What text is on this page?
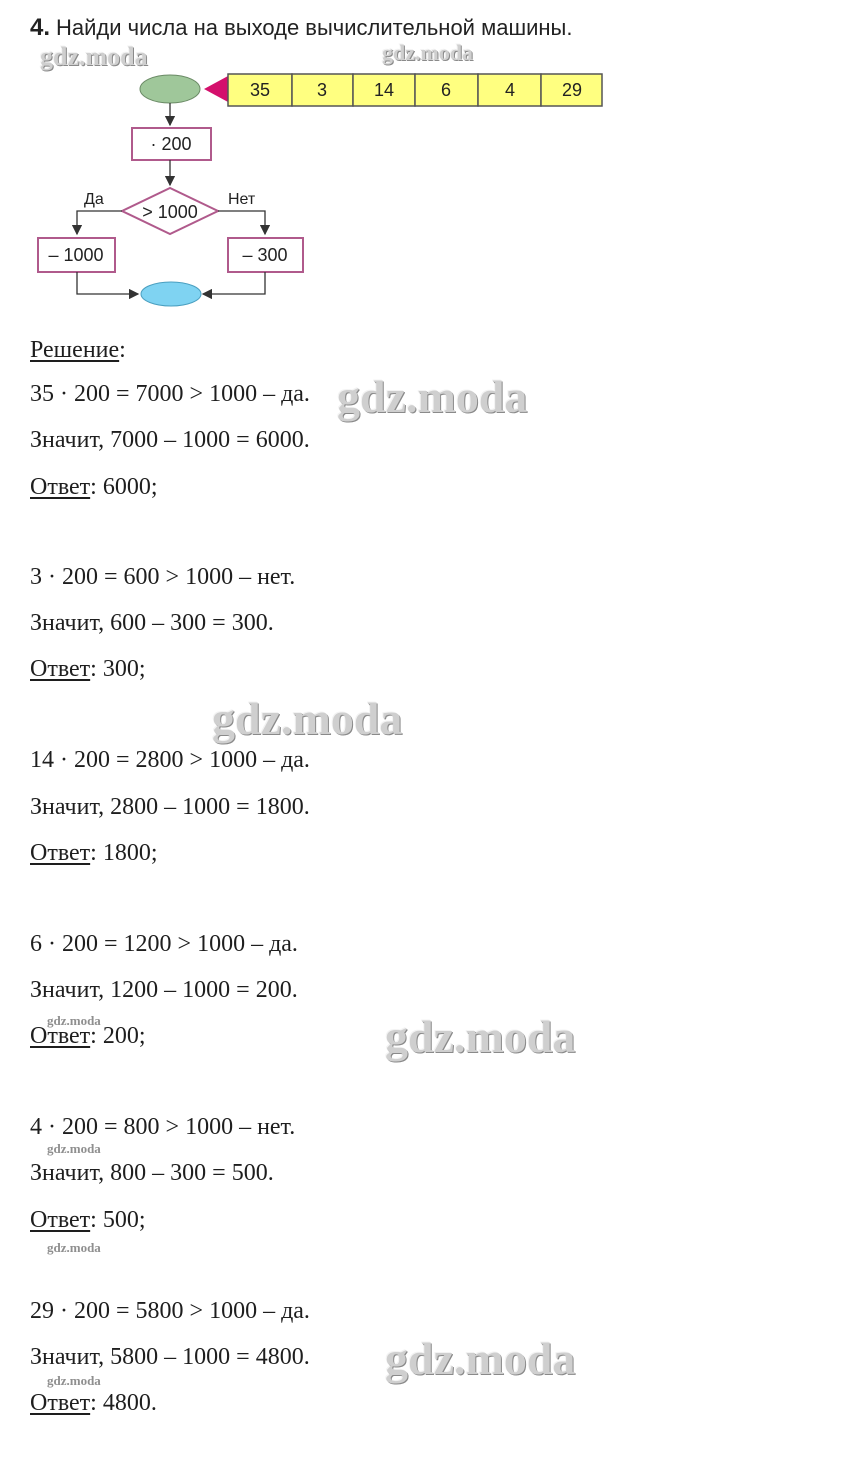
4. Найди числа на выходе вычислительной машины.
35	3	14	6	4	29
· 200
> 1000
Да	Нет
– 1000	– 300
gdz.moda	gdz.moda
gdz.moda
gdz.moda
gdz.moda
gdz.moda
gdz.moda
gdz.moda
gdz.moda
gdz.moda
Решение:
35 · 200 = 7000 > 1000 – да.
Значит, 7000 – 1000 = 6000.
Ответ: 6000;
3 · 200 = 600 > 1000 – нет.
Значит, 600 – 300 = 300.
Ответ: 300;
14 · 200 = 2800 > 1000 – да.
Значит, 2800 – 1000 = 1800.
Ответ: 1800;
6 · 200 = 1200 > 1000 – да.
Значит, 1200 – 1000 = 200.
Ответ: 200;
4 · 200 = 800 > 1000 – нет.
Значит, 800 – 300 = 500.
Ответ: 500;
29 · 200 = 5800 > 1000 – да.
Значит, 5800 – 1000 = 4800.
Ответ: 4800.
